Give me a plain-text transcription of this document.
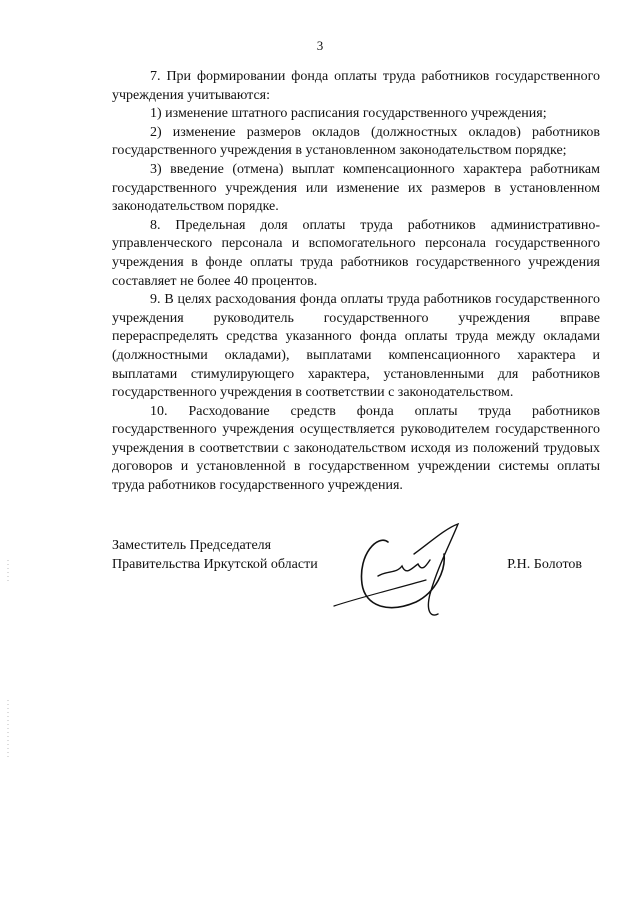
3

7. При формировании фонда оплаты труда работников государственного учреждения учитываются:

1) изменение штатного расписания государственного учреждения;

2) изменение размеров окладов (должностных окладов) работников государственного учреждения в установленном законодательством порядке;

3) введение (отмена) выплат компенсационного характера работникам государственного учреждения или изменение их размеров в установленном законодательством порядке.

8. Предельная доля оплаты труда работников административно-управленческого персонала и вспомогательного персонала государственного учреждения в фонде оплаты труда работников государственного учреждения составляет не более 40 процентов.

9. В целях расходования фонда оплаты труда работников государственного учреждения руководитель государственного учреждения вправе перераспределять средства указанного фонда оплаты труда между окладами (должностными окладами), выплатами компенсационного характера и выплатами стимулирующего характера, установленными для работников государственного учреждения в соответствии с законодательством.

10. Расходование средств фонда оплаты труда работников государственного учреждения осуществляется руководителем государственного учреждения в соответствии с законодательством исходя из положений трудовых договоров и установленной в государственном учреждении системы оплаты труда работников государственного учреждения.

Заместитель Председателя
Правительства Иркутской области	Р.Н. Болотов
